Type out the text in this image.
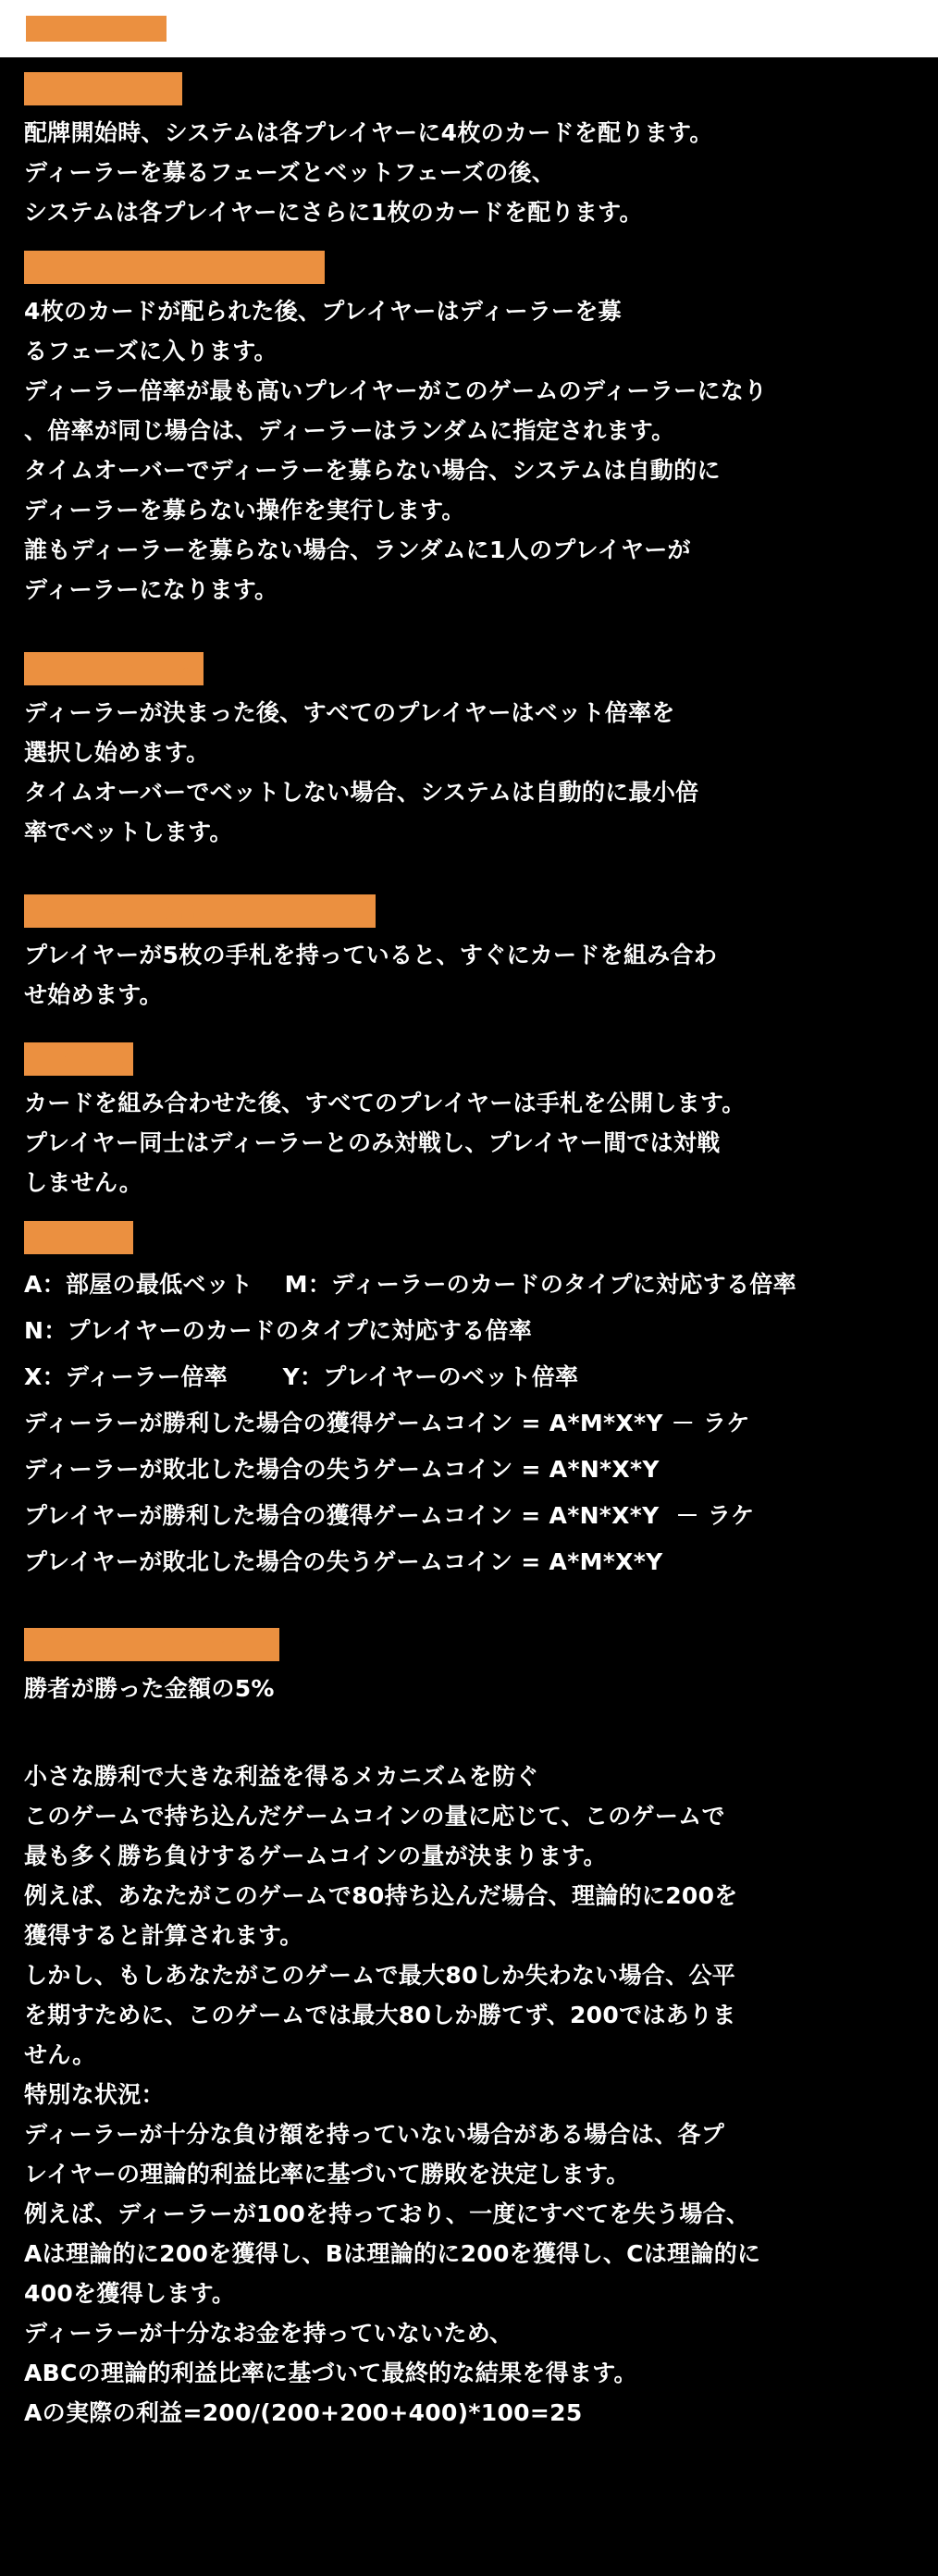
カードを配る

配牌開始時、システムは各プレイヤーに4枚のカードを配ります。

ディーラーを募るフェーズとベットフェーズの後、

システムは各プレイヤーにさらに1枚のカードを配ります。

ディーラーを募るフェーズ

4枚のカードが配られた後、プレイヤーはディーラーを募

るフェーズに入ります。

ディーラー倍率が最も高いプレイヤーがこのゲームのディーラーになり

、倍率が同じ場合は、ディーラーはランダムに指定されます。

タイムオーバーでディーラーを募らない場合、システムは自動的に

ディーラーを募らない操作を実行します。

誰もディーラーを募らない場合、ランダムに1人のプレイヤーが

ディーラーになります。

ベットフェーズ

ディーラーが決まった後、すべてのプレイヤーはベット倍率を

選択し始めます。

タイムオーバーでベットしない場合、システムは自動的に最小倍

率でベットします。

カードを組み合わせるフェーズ

プレイヤーが5枚の手札を持っていると、すぐにカードを組み合わ

せ始めます。

手札公開

カードを組み合わせた後、すべてのプレイヤーは手札を公開します。

プレイヤー同士はディーラーとのみ対戦し、プレイヤー間では対戦

しません。

清算方法

A：部屋の最低ベット　 M：ディーラーのカードのタイプに対応する倍率

N：プレイヤーのカードのタイプに対応する倍率

X：ディーラー倍率　　 Y：プレイヤーのベット倍率

ディーラーが勝利した場合の獲得ゲームコイン = A*M*X*Y － ラケ

ディーラーが敗北した場合の失うゲームコイン = A*N*X*Y

プレイヤーが勝利した場合の獲得ゲームコイン = A*N*X*Y  － ラケ

プレイヤーが敗北した場合の失うゲームコイン = A*M*X*Y

ラケ（手数料）ルール

勝者が勝った金額の5%

小さな勝利で大きな利益を得るメカニズムを防ぐ

このゲームで持ち込んだゲームコインの量に応じて、このゲームで

最も多く勝ち負けするゲームコインの量が決まります。

例えば、あなたがこのゲームで80持ち込んだ場合、理論的に200を

獲得すると計算されます。

しかし、もしあなたがこのゲームで最大80しか失わない場合、公平

を期すために、このゲームでは最大80しか勝てず、200ではありま

せん。

特別な状況：

ディーラーが十分な負け額を持っていない場合がある場合は、各プ

レイヤーの理論的利益比率に基づいて勝敗を決定します。

例えば、ディーラーが100を持っており、一度にすべてを失う場合、

Aは理論的に200を獲得し、Bは理論的に200を獲得し、Cは理論的に

400を獲得します。

ディーラーが十分なお金を持っていないため、

ABCの理論的利益比率に基づいて最終的な結果を得ます。

Aの実際の利益=200/(200+200+400)*100=25
